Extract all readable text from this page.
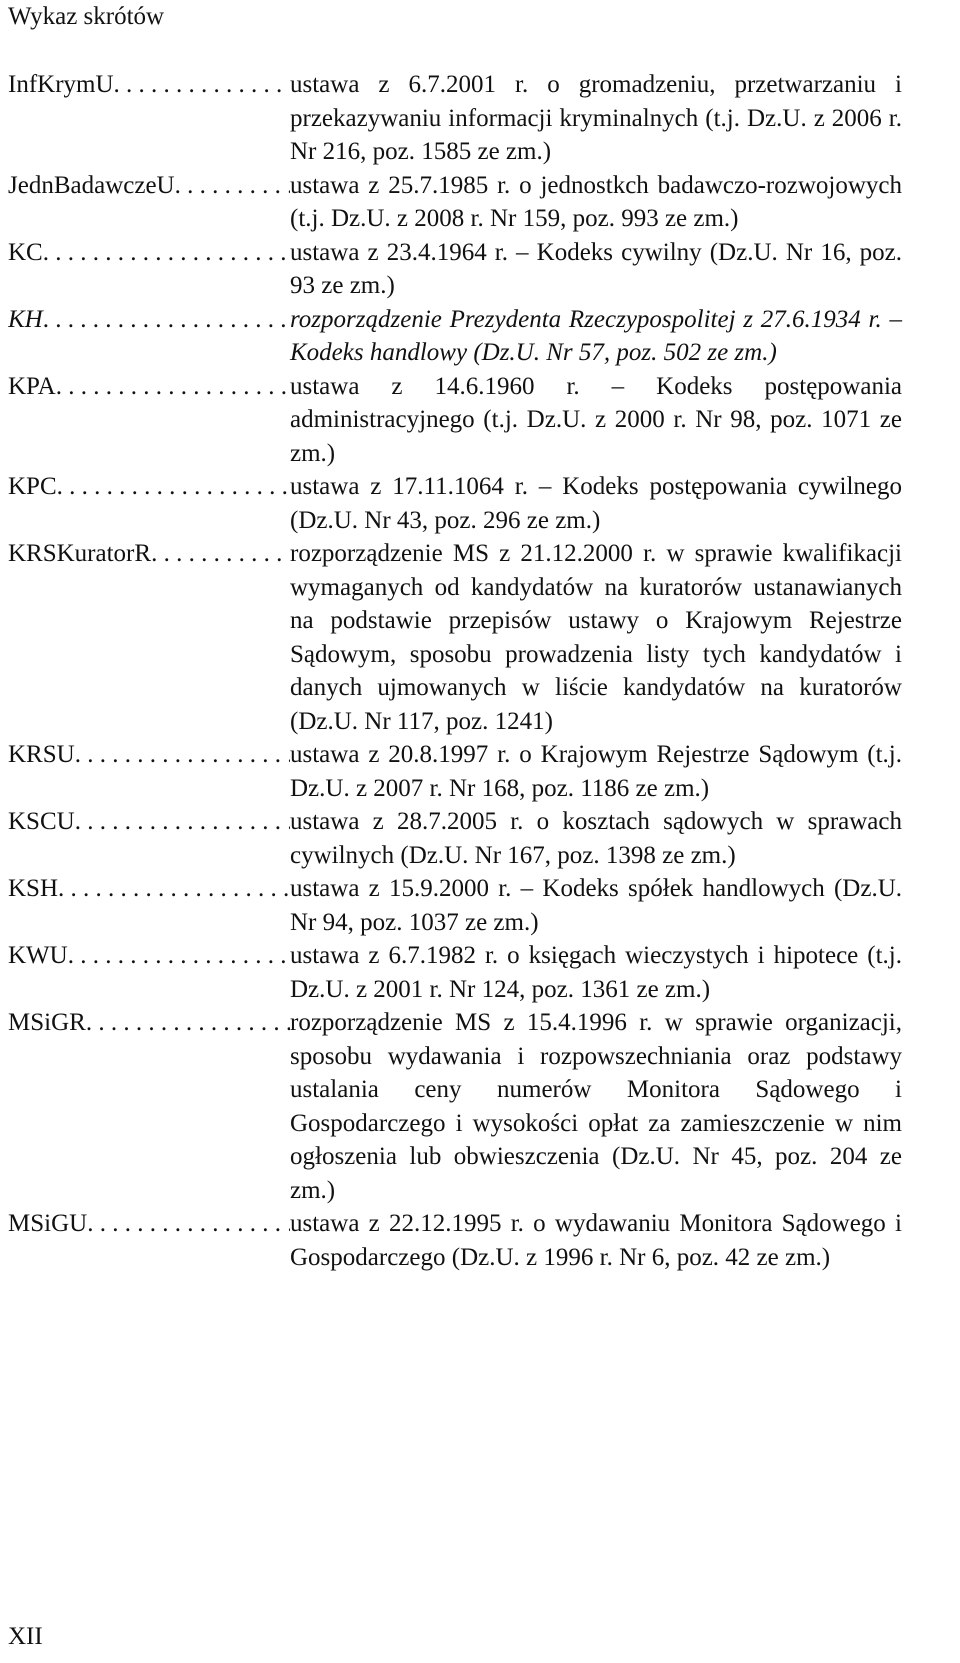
Wykaz skrótów
InfKrymU . . .	ustawa z 6.7.2001 r. o gromadzeniu, przetwarzaniu i przekazywaniu informacji kryminalnych (t.j. Dz.U. z 2006 r. Nr 216, poz. 1585 ze zm.)
JednBadawczeU . . .	ustawa z 25.7.1985 r. o jednostkch badawczo-rozwojowych (t.j. Dz.U. z 2008 r. Nr 159, poz. 993 ze zm.)
KC . . .	ustawa z 23.4.1964 r. – Kodeks cywilny (Dz.U. Nr 16, poz. 93 ze zm.)
KH . . .	rozporządzenie Prezydenta Rzeczypospolitej z 27.6.1934 r. – Kodeks handlowy (Dz.U. Nr 57, poz. 502 ze zm.)
KPA . . .	ustawa z 14.6.1960 r. – Kodeks postępowania administracyjnego (t.j. Dz.U. z 2000 r. Nr 98, poz. 1071 ze zm.)
KPC . . .	ustawa z 17.11.1064 r. – Kodeks postępowania cywilnego (Dz.U. Nr 43, poz. 296 ze zm.)
KRSKuratorR . . .	rozporządzenie MS z 21.12.2000 r. w sprawie kwalifikacji wymaganych od kandydatów na kuratorów ustanawianych na podstawie przepisów ustawy o Krajowym Rejestrze Sądowym, sposobu prowadzenia listy tych kandydatów i danych ujmowanych w liście kandydatów na kuratorów (Dz.U. Nr 117, poz. 1241)
KRSU . . .	ustawa z 20.8.1997 r. o Krajowym Rejestrze Sądowym (t.j. Dz.U. z 2007 r. Nr 168, poz. 1186 ze zm.)
KSCU . . .	ustawa z 28.7.2005 r. o kosztach sądowych w sprawach cywilnych (Dz.U. Nr 167, poz. 1398 ze zm.)
KSH . . .	ustawa z 15.9.2000 r. – Kodeks spółek handlowych (Dz.U. Nr 94, poz. 1037 ze zm.)
KWU . . .	ustawa z 6.7.1982 r. o księgach wieczystych i hipotece (t.j. Dz.U. z 2001 r. Nr 124, poz. 1361 ze zm.)
MSiGR . . .	rozporządzenie MS z 15.4.1996 r. w sprawie organizacji, sposobu wydawania i rozpowszechniania oraz podstawy ustalania ceny numerów Monitora Sądowego i Gospodarczego i wysokości opłat za zamieszczenie w nim ogłoszenia lub obwieszczenia (Dz.U. Nr 45, poz. 204 ze zm.)
MSiGU . . .	ustawa z 22.12.1995 r. o wydawaniu Monitora Sądowego i Gospodarczego (Dz.U. z 1996 r. Nr 6, poz. 42 ze zm.)
XII
